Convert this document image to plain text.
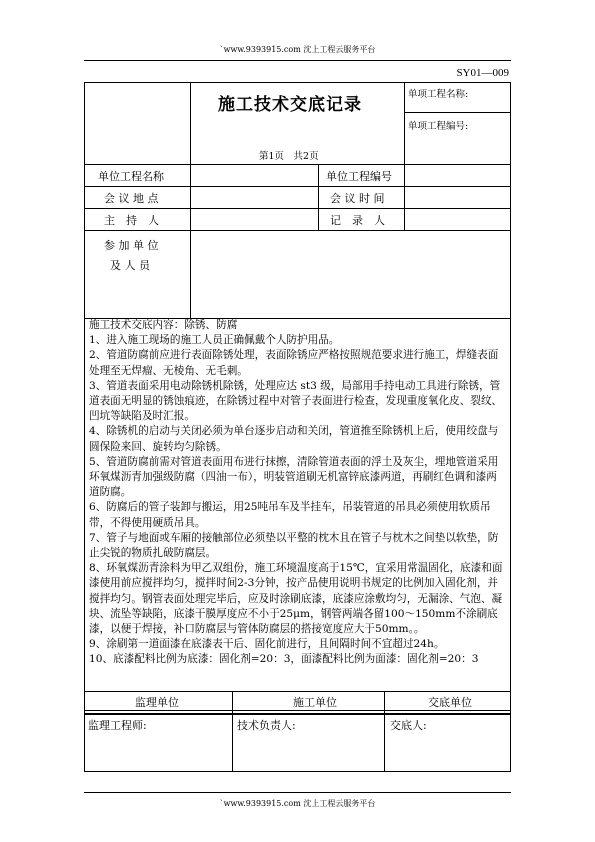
`www.9393915.com 沈上工程云服务平台
SY01—009
施工技术交底记录
第1页　共2页
单项工程名称:
单项工程编号:
单位工程名称	单位工程编号
会 议 地 点	会 议 时 间
主　持　人	记　录　人
参 加 单 位
及 人 员

施工技术交底内容：除锈、防腐

1、进入施工现场的施工人员正确佩戴个人防护用品。

2、管道防腐前应进行表面除锈处理，表面除锈应严格按照规范要求进行施工，焊缝表面处理至无焊瘤、无棱角、无毛刺。

3、管道表面采用电动除锈机除锈，处理应达 st3 级，局部用手持电动工具进行除锈，管道表面无明显的锈蚀痕迹，在除锈过程中对管子表面进行检查，发现重度氧化皮、裂纹、凹坑等缺陷及时汇报。

4、除锈机的启动与关闭必须为单台逐步启动和关闭，管道推至除锈机上后，使用绞盘与圆保险来回、旋转均匀除锈。

5、管道防腐前需对管道表面用布进行抹擦，清除管道表面的浮土及灰尘，埋地管道采用环氧煤沥青加强级防腐（四油一布），明装管道刷无机富锌底漆两道，再刷红色调和漆两道防腐。

6、防腐后的管子装卸与搬运，用25吨吊车及半挂车，吊装管道的吊具必须使用软质吊带，不得使用硬质吊具。

7、管子与地面或车厢的接触部位必须垫以平整的枕木且在管子与枕木之间垫以软垫，防止尖锐的物质扎破防腐层。

8、环氧煤沥青涂料为甲乙双组份，施工环境温度高于15℃，宜采用常温固化，底漆和面漆使用前应搅拌均匀，搅拌时间2-3分钟，按产品使用说明书规定的比例加入固化剂，并搅拌均匀。钢管表面处理完毕后，应及时涂刷底漆，底漆应涂敷均匀，无漏涂、气泡、凝块、流坠等缺陷，底漆干膜厚度应不小于25μm，钢管两端各留100～150mm不涂刷底漆，以便于焊接，补口防腐层与管体防腐层的搭接宽度应大于50mm。。

9、涂刷第一道面漆在底漆表干后、固化前进行，且间隔时间不宜超过24h。

10、底漆配料比例为底漆：固化剂=20：3，面漆配料比例为面漆：固化剂=20：3

监理单位	施工单位	交底单位
监理工程师:	技术负责人:	交底人:
`www.9393915.com 沈上工程云服务平台
